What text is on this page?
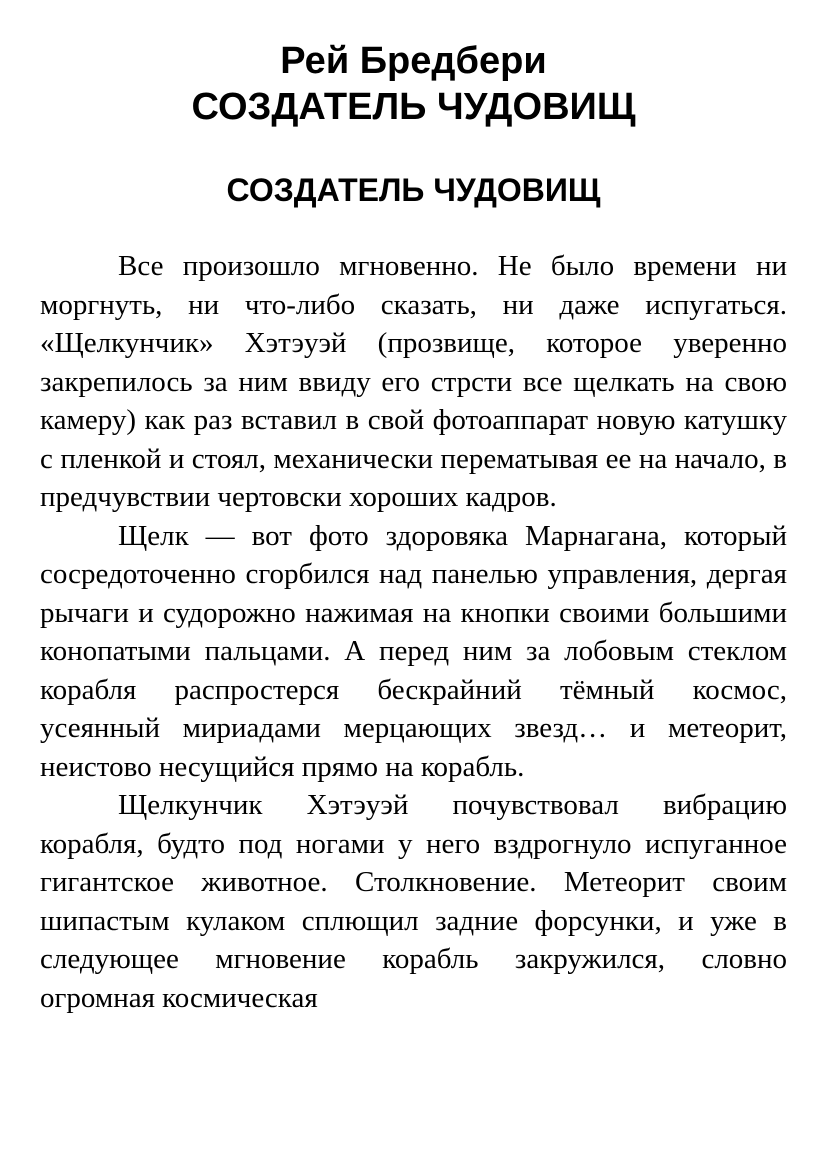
Рей Бредбери
СОЗДАТЕЛЬ ЧУДОВИЩ
СОЗДАТЕЛЬ ЧУДОВИЩ

Все произошло мгновенно. Не было времени ни моргнуть, ни что-либо сказать, ни даже испугаться. «Щелкунчик» Хэтэуэй (прозвище, которое уверенно закрепилось за ним ввиду его стрсти все щелкать на свою камеру) как раз вставил в свой фотоаппарат новую катушку с пленкой и стоял, механически перематывая ее на начало, в предчувствии чертовски хороших кадров.

Щелк — вот фото здоровяка Марнагана, который сосредоточенно сгорбился над панелью управления, дергая рычаги и судорожно нажимая на кнопки своими большими конопатыми пальцами. А перед ним за лобовым стеклом корабля распростерся бескрайний тёмный космос, усеянный мириадами мерцающих звезд… и метеорит, неистово несущийся прямо на корабль.

Щелкунчик Хэтэуэй почувствовал вибрацию корабля, будто под ногами у него вздрогнуло испуганное гигантское животное. Столкновение. Метеорит своим шипастым кулаком сплющил задние форсунки, и уже в следующее мгновение корабль закружился, словно огромная космическая
